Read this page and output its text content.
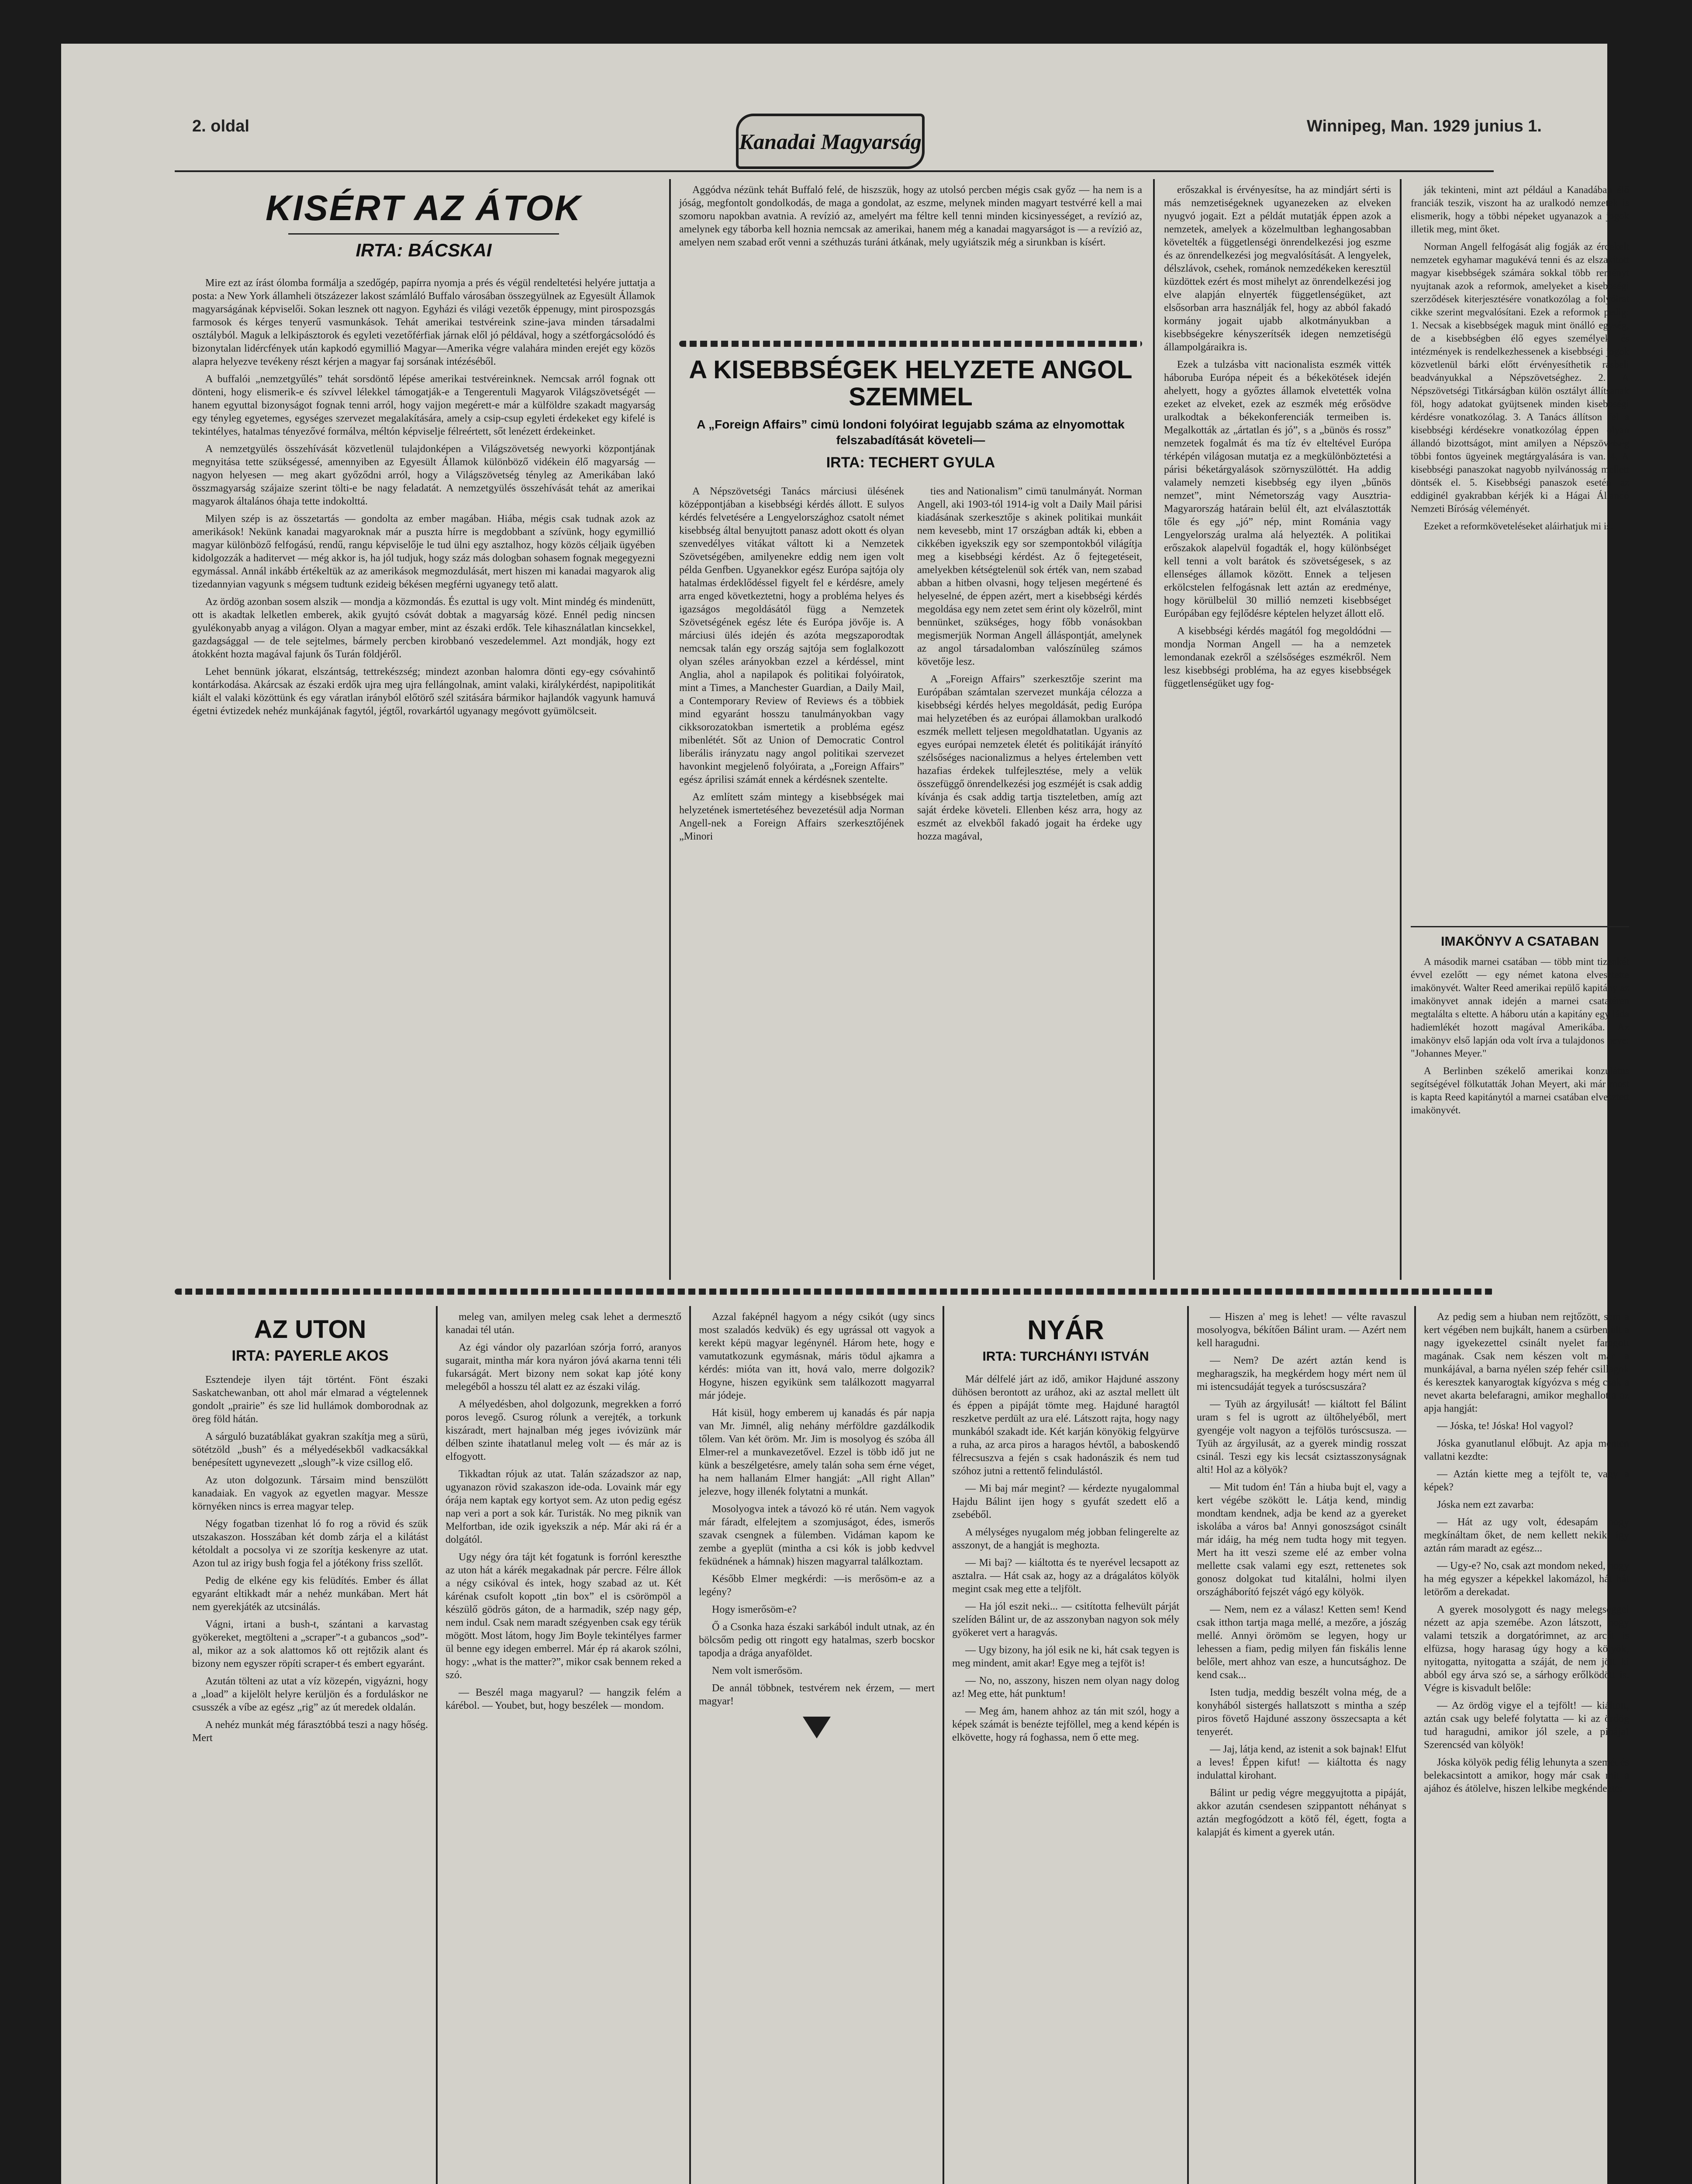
2. oldal
Kanadai Magyarság
Winnipeg, Man. 1929 junius 1.
KISÉRT AZ ÁTOK
IRTA: BÁCSKAI

Mire ezt az írást ólomba formálja a szedőgép, papírra nyomja a prés és végül rendeltetési helyére juttatja a posta: a New York államheli ötszázezer lakost számláló Buffalo városában összegyülnek az Egyesült Államok magyarságának képviselői. Sokan lesznek ott nagyon. Egyházi és világi vezetők éppenugy, mint pirospozsgás farmosok és kérges tenyerű vasmunkások. Tehát amerikai testvéreink szine-java minden társadalmi osztályból. Maguk a lelkipásztorok és egyleti vezetőférfiak járnak elől jó példával, hogy a szétforgácsolódó és bizonytalan lidércfények után kapkodó egymillió Magyar—Amerika végre valahára minden erejét egy közös alapra helyezve tevékeny részt kérjen a magyar faj sorsának intézéséből.

A buffalói „nemzetgyűlés” tehát sorsdöntő lépése amerikai testvéreinknek. Nemcsak arról fognak ott dönteni, hogy elismerik-e és szívvel lélekkel támogatják-e a Tengerentuli Magyarok Világszövetségét — hanem egyuttal bizonyságot fognak tenni arról, hogy vajjon megérett-e már a külföldre szakadt magyarság egy tényleg egyetemes, egységes szervezet megalakítására, amely a csip-csup egyleti érdekeket egy kifelé is tekintélyes, hatalmas tényezővé formálva, méltón képviselje félreértett, sőt lenézett érdekeinket.

A nemzetgyülés összehívását közvetlenül tulajdonképen a Világszövetség newyorki központjának megnyitása tette szükségessé, amennyiben az Egyesült Államok különböző vidékein élő magyarság — nagyon helyesen — meg akart győződni arról, hogy a Világszövetség tényleg az Amerikában lakó összmagyarság szájaize szerint tölti-e be nagy feladatát. A nemzetgyülés összehívását tehát az amerikai magyarok általános óhaja tette indokolttá.

Milyen szép is az összetartás — gondolta az ember magában. Hiába, mégis csak tudnak azok az amerikások! Nekünk kanadai magyaroknak már a puszta hírre is megdobbant a szívünk, hogy egymillió magyar különböző felfogású, rendű, rangu képviselője le tud ülni egy asztalhoz, hogy közös céljaik ügyében kidolgozzák a haditervet — még akkor is, ha jól tudjuk, hogy száz más dologban sohasem fognak megegyezni egymással. Annál inkább értékeltük az az amerikások megmozdulását, mert hiszen mi kanadai magyarok alig tizedannyian vagyunk s mégsem tudtunk ezideig békésen megférni ugyanegy tető alatt.

Az ördög azonban sosem alszik — mondja a közmondás. És ezuttal is ugy volt. Mint mindég és mindenütt, ott is akadtak lelketlen emberek, akik gyujtó csóvát dobtak a magyarság közé. Ennél pedig nincsen gyulékonyabb anyag a világon. Olyan a magyar ember, mint az északi erdők. Tele kihasználatlan kincsekkel, gazdagsággal — de tele sejtelmes, bármely percben kirobbanó veszedelemmel. Azt mondják, hogy ezt átokként hozta magával fajunk ős Turán földjéről.

Lehet bennünk jókarat, elszántság, tettrekészség; mindezt azonban halomra dönti egy-egy csóvahintő kontárkodása. Akárcsak az északi erdők ujra meg ujra fellángolnak, amint valaki, királykérdést, napipolitikát kiált el valaki közöttünk és egy váratlan irányból előtörő szél szitására bármikor hajlandók vagyunk hamuvá égetni évtizedek nehéz munkájának fagytól, jégtől, rovarkártól ugyanagy megóvott gyümölcseit.

Aggódva nézünk tehát Buffaló felé, de hiszszük, hogy az utolsó percben mégis csak győz — ha nem is a jóság, megfontolt gondolkodás, de maga a gondolat, az eszme, melynek minden magyart testvérré kell a mai szomoru napokban avatnia. A revízió az, amelyért ma féltre kell tenni minden kicsinyességet, a revízió az, amelynek egy táborba kell hoznia nemcsak az amerikai, hanem még a kanadai magyarságot is — a revízió az, amelyen nem szabad erőt venni a széthuzás turáni átkának, mely ugyiátszik még a sirunkban is kísért.

A KISEBBSÉGEK HELYZETE ANGOL SZEMMEL
A „Foreign Affairs” cimü londoni folyóirat legujabb száma az elnyomottak felszabadítását követeli—
IRTA: TECHERT GYULA

A Népszövetségi Tanács márciusi ülésének középpontjában a kisebbségi kérdés állott. E sulyos kérdés felvetésére a Lengyelországhoz csatolt német kisebbség által benyujtott panasz adott okott és olyan szenvedélyes vitákat váltott ki a Nemzetek Szövetségében, amilyenekre eddig nem igen volt példa Genfben. Ugyanekkor egész Európa sajtója oly hatalmas érdeklődéssel figyelt fel e kérdésre, amely arra enged következtetni, hogy a probléma helyes és igazságos megoldásától függ a Nemzetek Szövetségének egész léte és Európa jövője is. A márciusi ülés idején és azóta megszaporodtak nemcsak talán egy ország sajtója sem foglalkozott olyan széles arányokban ezzel a kérdéssel, mint Anglia, ahol a napilapok és politikai folyóiratok, mint a Times, a Manchester Guardian, a Daily Mail, a Contemporary Review of Reviews és a többiek mind egyaránt hosszu tanulmányokban vagy cikksorozatokban ismertetik a probléma egész mibenlétét. Sőt az Union of Democratic Control liberális irányzatu nagy angol politikai szervezet havonkint megjelenő folyóirata, a „Foreign Affairs” egész áprilisi számát ennek a kérdésnek szentelte.

Az említett szám mintegy a kisebbségek mai helyzetének ismertetéséhez bevezetésül adja Norman Angell-nek a Foreign Affairs szerkesztőjének „Minori

ties and Nationalism” cimü tanulmányát. Norman Angell, aki 1903-tól 1914-ig volt a Daily Mail párisi kiadásának szerkesztője s akinek politikai munkáit nem kevesebb, mint 17 országban adták ki, ebben a cikkében igyekszik egy sor szempontokból világítja meg a kisebbségi kérdést. Az ő fejtegetéseit, amelyekben kétségtelenül sok érték van, nem szabad abban a hitben olvasni, hogy teljesen megértené és helyeselné, de éppen azért, mert a kisebbségi kérdés megoldása egy nem zetet sem érint oly közelről, mint bennünket, szükséges, hogy főbb vonásokban megismerjük Norman Angell álláspontját, amelynek az angol társadalomban valószínüleg számos követője lesz.

A „Foreign Affairs” szerkesztője szerint ma Európában számtalan szervezet munkája célozza a kisebbségi kérdés helyes megoldását, pedig Európa mai helyzetében és az európai államokban uralkodó eszmék mellett teljesen megoldhatatlan. Ugyanis az egyes európai nemzetek életét és politikáját irányító szélsőséges nacionalizmus a helyes értelemben vett hazafias érdekek tulfejlesztése, mely a velük összefüggő önrendelkezési jog eszméjét is csak addig kívánja és csak addig tartja tiszteletben, amíg azt saját érdeke követeli. Ellenben kész arra, hogy az eszmét az elvekből fakadó jogait ha érdeke ugy hozza magával,

erőszakkal is érvényesítse, ha az mindjárt sérti is más nemzetiségeknek ugyanezeken az elveken nyugvó jogait. Ezt a példát mutatják éppen azok a nemzetek, amelyek a közelmultban leghangosabban követelték a függetlenségi önrendelkezési jog eszme és az önrendelkezési jog megvalósítását. A lengyelek, délszlávok, csehek, románok nemzedékeken keresztül küzdöttek ezért és most mihelyt az önrendelkezési jog elve alapján elnyerték függetlenségüket, azt elsősorban arra használják fel, hogy az abból fakadó kormány jogait ujabb alkotmányukban a kisebbségekre kényszerítsék idegen nemzetiségü állampolgáraikra is.

Ezek a tulzásba vitt nacionalista eszmék vitték háboruba Európa népeit és a békekötések idején ahelyett, hogy a győztes államok elvetették volna ezeket az elveket, ezek az eszmék még erősödve uralkodtak a békekonferenciák termeiben is. Megalkották az „ártatlan és jó”, s a „bünös és rossz” nemzetek fogalmát és ma tíz év elteltével Európa térképén világosan mutatja ez a megkülönböztetési a párisi béketárgyalások szörnyszülöttét. Ha addig valamely nemzeti kisebbség egy ilyen „bűnös nemzet”, mint Németország vagy Ausztria-Magyarország határain belül élt, azt elválasztották tőle és egy „jó” nép, mint Románia vagy Lengyelország uralma alá helyezték. A politikai erőszakok alapelvül fogadták el, hogy különbséget kell tenni a volt barátok és szövetségesek, s az ellenséges államok között. Ennek a teljesen erkölcstelen felfogásnak lett aztán az eredménye, hogy körülbelül 30 millió nemzeti kisebbséget Európában egy fejlődésre képtelen helyzet állott elő.

A kisebbségi kérdés magától fog megoldódni — mondja Norman Angell — ha a nemzetek lemondanak ezekről a szélsőséges eszmékről. Nem lesz kisebbségi probléma, ha az egyes kisebbségek függetlenségüket ugy fog-

ják tekinteni, mint azt például a Kanadában élő franciák teszik, viszont ha az uralkodó nemzetek is elismerik, hogy a többi népeket ugyanazok a jogok illetik meg, mint őket.

Norman Angell felfogását alig fogják az érdekelt nemzetek egyhamar magukévá tenni és az elszakított magyar kisebbségek számára sokkal több reményt nyujtanak azok a reformok, amelyeket a kisebbségi szerződések kiterjesztésére vonatkozólag a folyóirat cikke szerint megvalósítani. Ezek a reformok pedig: 1. Necsak a kisebbségek maguk mint önálló egység, de a kisebbségben élő egyes személyek és intézmények is rendelkezhessenek a kisebbségi jogok közvetlenül bárki előtt érvényesíthetik rásbeli beadványukkal a Népszövetséghez. 2. A Népszövetségi Titkárságban külön osztályt állítsanak föl, hogy adatokat gyüjtsenek minden kisebbségi kérdésre vonatkozólag. 3. A Tanács állítson fel a kisebbségi kérdésekre vonatkozólag éppen olyan állandó bizottságot, mint amilyen a Népszövetség többi fontos ügyeinek megtárgyalására is van. 4. A kisebbségi panaszokat nagyobb nyilvánosság mellett döntsék el. 5. Kisebbségi panaszok esetén az eddiginél gyakrabban kérjék ki a Hágai Állandó Nemzeti Bíróság véleményét.

Ezeket a reformköveteléseket aláirhatjuk mi is.

IMAKÖNYV A CSATABAN

A második marnei csatában — több mint tizenkét évvel ezelőtt — egy német katona elvesztette imakönyvét. Walter Reed amerikai repülő kapitány az imakönyvet annak idején a marnei csatatéren megtalálta s eltette. A háboru után a kapitány egy láda hadiemlékét hozott magával Amerikába. Az imakönyv első lapján oda volt írva a tulajdonos neve: "Johannes Meyer."

A Berlinben székelő amerikai konzulátus segítségével fölkutatták Johan Meyert, aki már most is kapta Reed kapitánytól a marnei csatában elvesztett imakönyvét.

AZ UTON
IRTA: PAYERLE AKOS

Esztendeje ilyen tájt történt. Fönt északi Saskatchewanban, ott ahol már elmarad a végtelennek gondolt „prairie” és sze lid hullámok domborodnak az öreg föld hátán.

A sárguló buzatáblákat gyakran szakítja meg a sürü, sötétzöld „bush” és a mélyedésekből vadkacsákkal benépesített ugynevezett „slough”-k vize csillog elő.

Az uton dolgozunk. Társaim mind benszülött kanadaiak. En vagyok az egyetlen magyar. Messze környéken nincs is errea magyar telep.

Négy fogatban tizenhat ló fo rog a rövid és szük utszakaszon. Hosszában két domb zárja el a kilátást kétoldalt a pocsolya vi ze szorítja keskenyre az utat. Azon tul az irigy bush fogja fel a jótékony friss szellőt.

Pedig de elkéne egy kis felüdítés. Ember és állat egyaránt eltikkadt már a nehéz munkában. Mert hát nem gyerekjáték az utcsinálás.

Vágni, irtani a bush-t, szántani a karvastag gyökereket, megtölteni a „scraper”-t a gubancos „sod”-al, mikor az a sok alattomos kő ott rejtőzik alant és bizony nem egyszer röpíti scraper-t és embert egyaránt.

Azután tölteni az utat a víz közepén, vigyázni, hogy a „load” a kijelölt helyre kerüljön és a forduláskor ne csusszék a víbe az egész „rig” az út meredek oldalán.

A nehéz munkát még fárasztóbbá teszi a nagy hőség. Mert

meleg van, amilyen meleg csak lehet a dermesztő kanadai tél után.

Az égi vándor oly pazarlóan szórja forró, aranyos sugarait, mintha már kora nyáron jóvá akarna tenni téli fukarságát. Mert bizony nem sokat kap jóté kony melegéből a hosszu tél alatt ez az északi világ.

A mélyedésben, ahol dolgozunk, megrekken a forró poros levegő. Csurog rólunk a verejték, a torkunk kiszáradt, mert hajnalban még jeges ivóvizünk már délben szinte ihatatlanul meleg volt — és már az is elfogyott.

Tikkadtan rójuk az utat. Talán századszor az nap, ugyanazon rövid szakaszon ide-oda. Lovaink már egy órája nem kaptak egy kortyot sem. Az uton pedig egész nap veri a port a sok kár. Turisták. No meg piknik van Melfortban, ide ozik igyekszik a nép. Már aki rá ér a dolgától.

Ugy négy óra tájt két fogatunk is forrónl kereszthe az uton hát a kárék megakadnak pár percre. Félre állok a négy csikóval és intek, hogy szabad az ut. Két kárénak csufolt kopott „tin box” el is csörömpöl a készülő gödrös gáton, de a harmadik, szép nagy gép, nem indul. Csak nem maradt szégyenben csak egy térük mögött. Most látom, hogy Jim Boyle tekintélyes farmer ül benne egy idegen emberrel. Már ép rá akarok szólni, hogy: „what is the matter?”, mikor csak bennem reked a szó.

— Beszél maga magyarul? — hangzik felém a kárébol. — Youbet, but, hogy beszélek — mondom.

Azzal faképnél hagyom a négy csikót (ugy sincs most szaladós kedvük) és egy ugrással ott vagyok a kerekt képü magyar legénynél. Három hete, hogy e vamutatkozunk egymásnak, máris tödul ajkamra a kérdés: mióta van itt, hová valo, merre dolgozik? Hogyne, hiszen egyikünk sem találkozott magyarral már jódeje.

Hát kisül, hogy emberem uj kanadás és pár napja van Mr. Jimnél, alig nehány mérföldre gazdálkodik tőlem. Van két öröm. Mr. Jim is mosolyog és szóba áll Elmer-rel a munkavezetővel. Ezzel is több idő jut ne künk a beszélgetésre, amely talán soha sem érne véget, ha nem hallanám Elmer hangját: „All right Allan” jelezve, hogy illenék folytatni a munkát.

Mosolyogva intek a távozó kö ré után. Nem vagyok már fáradt, elfelejtem a szomjuságot, édes, ismerős szavak csengnek a fülemben. Vidáman kapom ke zembe a gyeplüt (mintha a csi kók is jobb kedvvel feküdnének a hámnak) hiszen magyarral találkoztam.

Később Elmer megkérdi: —is merősöm-e az a legény?

Hogy ismerősöm-e?

Ő a Csonka haza északi sarkából indult utnak, az én bölcsőm pedig ott ringott egy hatalmas, szerb bocskor tapodja a drága anyaföldet.

Nem volt ismerősöm.

De annál többnek, testvérem nek érzem, — mert magyar!

NYÁR
IRTA: TURCHÁNYI ISTVÁN

Már délfelé járt az idő, amikor Hajduné asszony dühösen berontott az urához, aki az asztal mellett ült és éppen a pipáját tömte meg. Hajduné haragtól reszketve perdült az ura elé. Látszott rajta, hogy nagy munkából szakadt ide. Két karján könyökig felgyürve a ruha, az arca piros a haragos hévtől, a baboskendő félrecsuszva a fején s csak hadonászik és nem tud szóhoz jutni a rettentő felindulástól.

— Mi baj már megint? — kérdezte nyugalommal Hajdu Bálint ijen hogy s gyufát szedett elő a zsebéből.

A mélységes nyugalom még jobban felingerelte az asszonyt, de a hangját is meghozta.

— Mi baj? — kiáltotta és te nyerével lecsapott az asztalra. — Hát csak az, hogy az a drágalátos kölyök megint csak meg ette a teljfölt.

— Ha jól eszit neki... — csitította felhevült párját szelíden Bálint ur, de az asszonyban nagyon sok mély gyökeret vert a haragvás.

— Ugy bizony, ha jól esik ne ki, hát csak tegyen is meg mindent, amit akar! Egye meg a tejföt is!

— No, no, asszony, hiszen nem olyan nagy dolog az! Meg ette, hát punktum!

— Meg ám, hanem ahhoz az tán mit szól, hogy a képek számát is benézte tejföllel, meg a kend képén is elkövette, hogy rá foghassa, nem ő ette meg.

— Hiszen a' meg is lehet! — vélte ravaszul mosolyogva, békítően Bálint uram. — Azért nem kell haragudni.

— Nem? De azért aztán kend is megharagszik, ha megkérdem hogy mért nem ül mi istencsudáját tegyek a turóscsuszára?

— Tyüh az árgyilusát! — kiáltott fel Bálint uram s fel is ugrott az ültőhelyéből, mert gyengéje volt nagyon a tejfölös turóscsusza. — Tyüh az árgyilusát, az a gyerek mindig rosszat csinál. Teszi egy kis lecsát csiztasszonyságnak alti! Hol az a kölyök?

— Mit tudom én! Tán a hiuba bujt el, vagy a kert végébe szökött le. Látja kend, mindig mondtam kendnek, adja be kend az a gyereket iskolába a város ba! Annyi gonoszságot csinált már idáig, ha még nem tudta hogy mit tegyen. Mert ha itt veszi szeme elé az ember volna mellette csak valami egy eszt, rettenetes sok gonosz dolgokat tud kitalálni, holmi ilyen országháborító fejszét vágó egy kölyök.

— Nem, nem ez a válasz! Ketten sem! Kend csak itthon tartja maga mellé, a mezőre, a jószág mellé. Annyi örömöm se legyen, hogy ur lehessen a fiam, pedig milyen fán fiskális lenne belőle, mert ahhoz van esze, a huncutsághoz. De kend csak...

Isten tudja, meddig beszélt volna még, de a konyhából sistergés hallatszott s mintha a szép piros fövető Hajduné asszony összecsapta a két tenyerét.

— Jaj, látja kend, az istenit a sok bajnak! Elfut a leves! Éppen kifut! — kiáltotta és nagy indulattal kirohant.

Bálint ur pedig végre meggyujtotta a pipáját, akkor azután csendesen szippantott néhányat s aztán megfogódzott a kötő fél, égett, fogta a kalapját és kiment a gyerek után.

Az pedig sem a hiuban nem rejtőzött, sem a kert végében nem bujkált, hanem a csürben ült a nagy igyekezettel csinált nyelet faragott magának. Csak nem készen volt már a munkájával, a barna nyélen szép fehér csillagok és keresztek kanyarogtak kígyózva s még csak a nevet akarta belefaragni, amikor meghallotta az apja hangját:

— Jóska, te! Jóska! Hol vagyol?

Jóska gyanutlanul előbujt. Az apja menten vallatni kezdte:

— Aztán kiette meg a tejfölt te, vagy a képek?

Jóska nem ezt zavarba:

— Hát az ugy volt, édesapám hogy megkínáltam őket, de nem kellett nekik, így aztán rám maradt az egész...

— Ugy-e? No, csak azt mondom neked, hogy ha még egyszer a képekkel lakomázol, hát hát letörőm a derekadat.

A gyerek mosolygott és nagy melegséggel nézett az apja szemébe. Azon látszott, hogy valami tetszik a dorgatórimnet, az arcát is elfüzsa, hogy harasag úgy hogy a kölyök, nyitogatta, nyitogatta a száját, de nem jött ki abból egy árva szó se, a sárhogy erőlködött is. Végre is kisvadult belőle:

— Az ördög vigye el a tejfölt! — kiáltott, aztán csak ugy belefé folytatta — ki az ördög tud haragudni, amikor jól szele, a pipája! Szerencséd van kölyök!

Jóska kölyök pedig félig lehunyta a szemét és belekacsintott a amikor, hogy már csak mit a ajához és átölelve, hiszen lelkibe megkéndezte:
